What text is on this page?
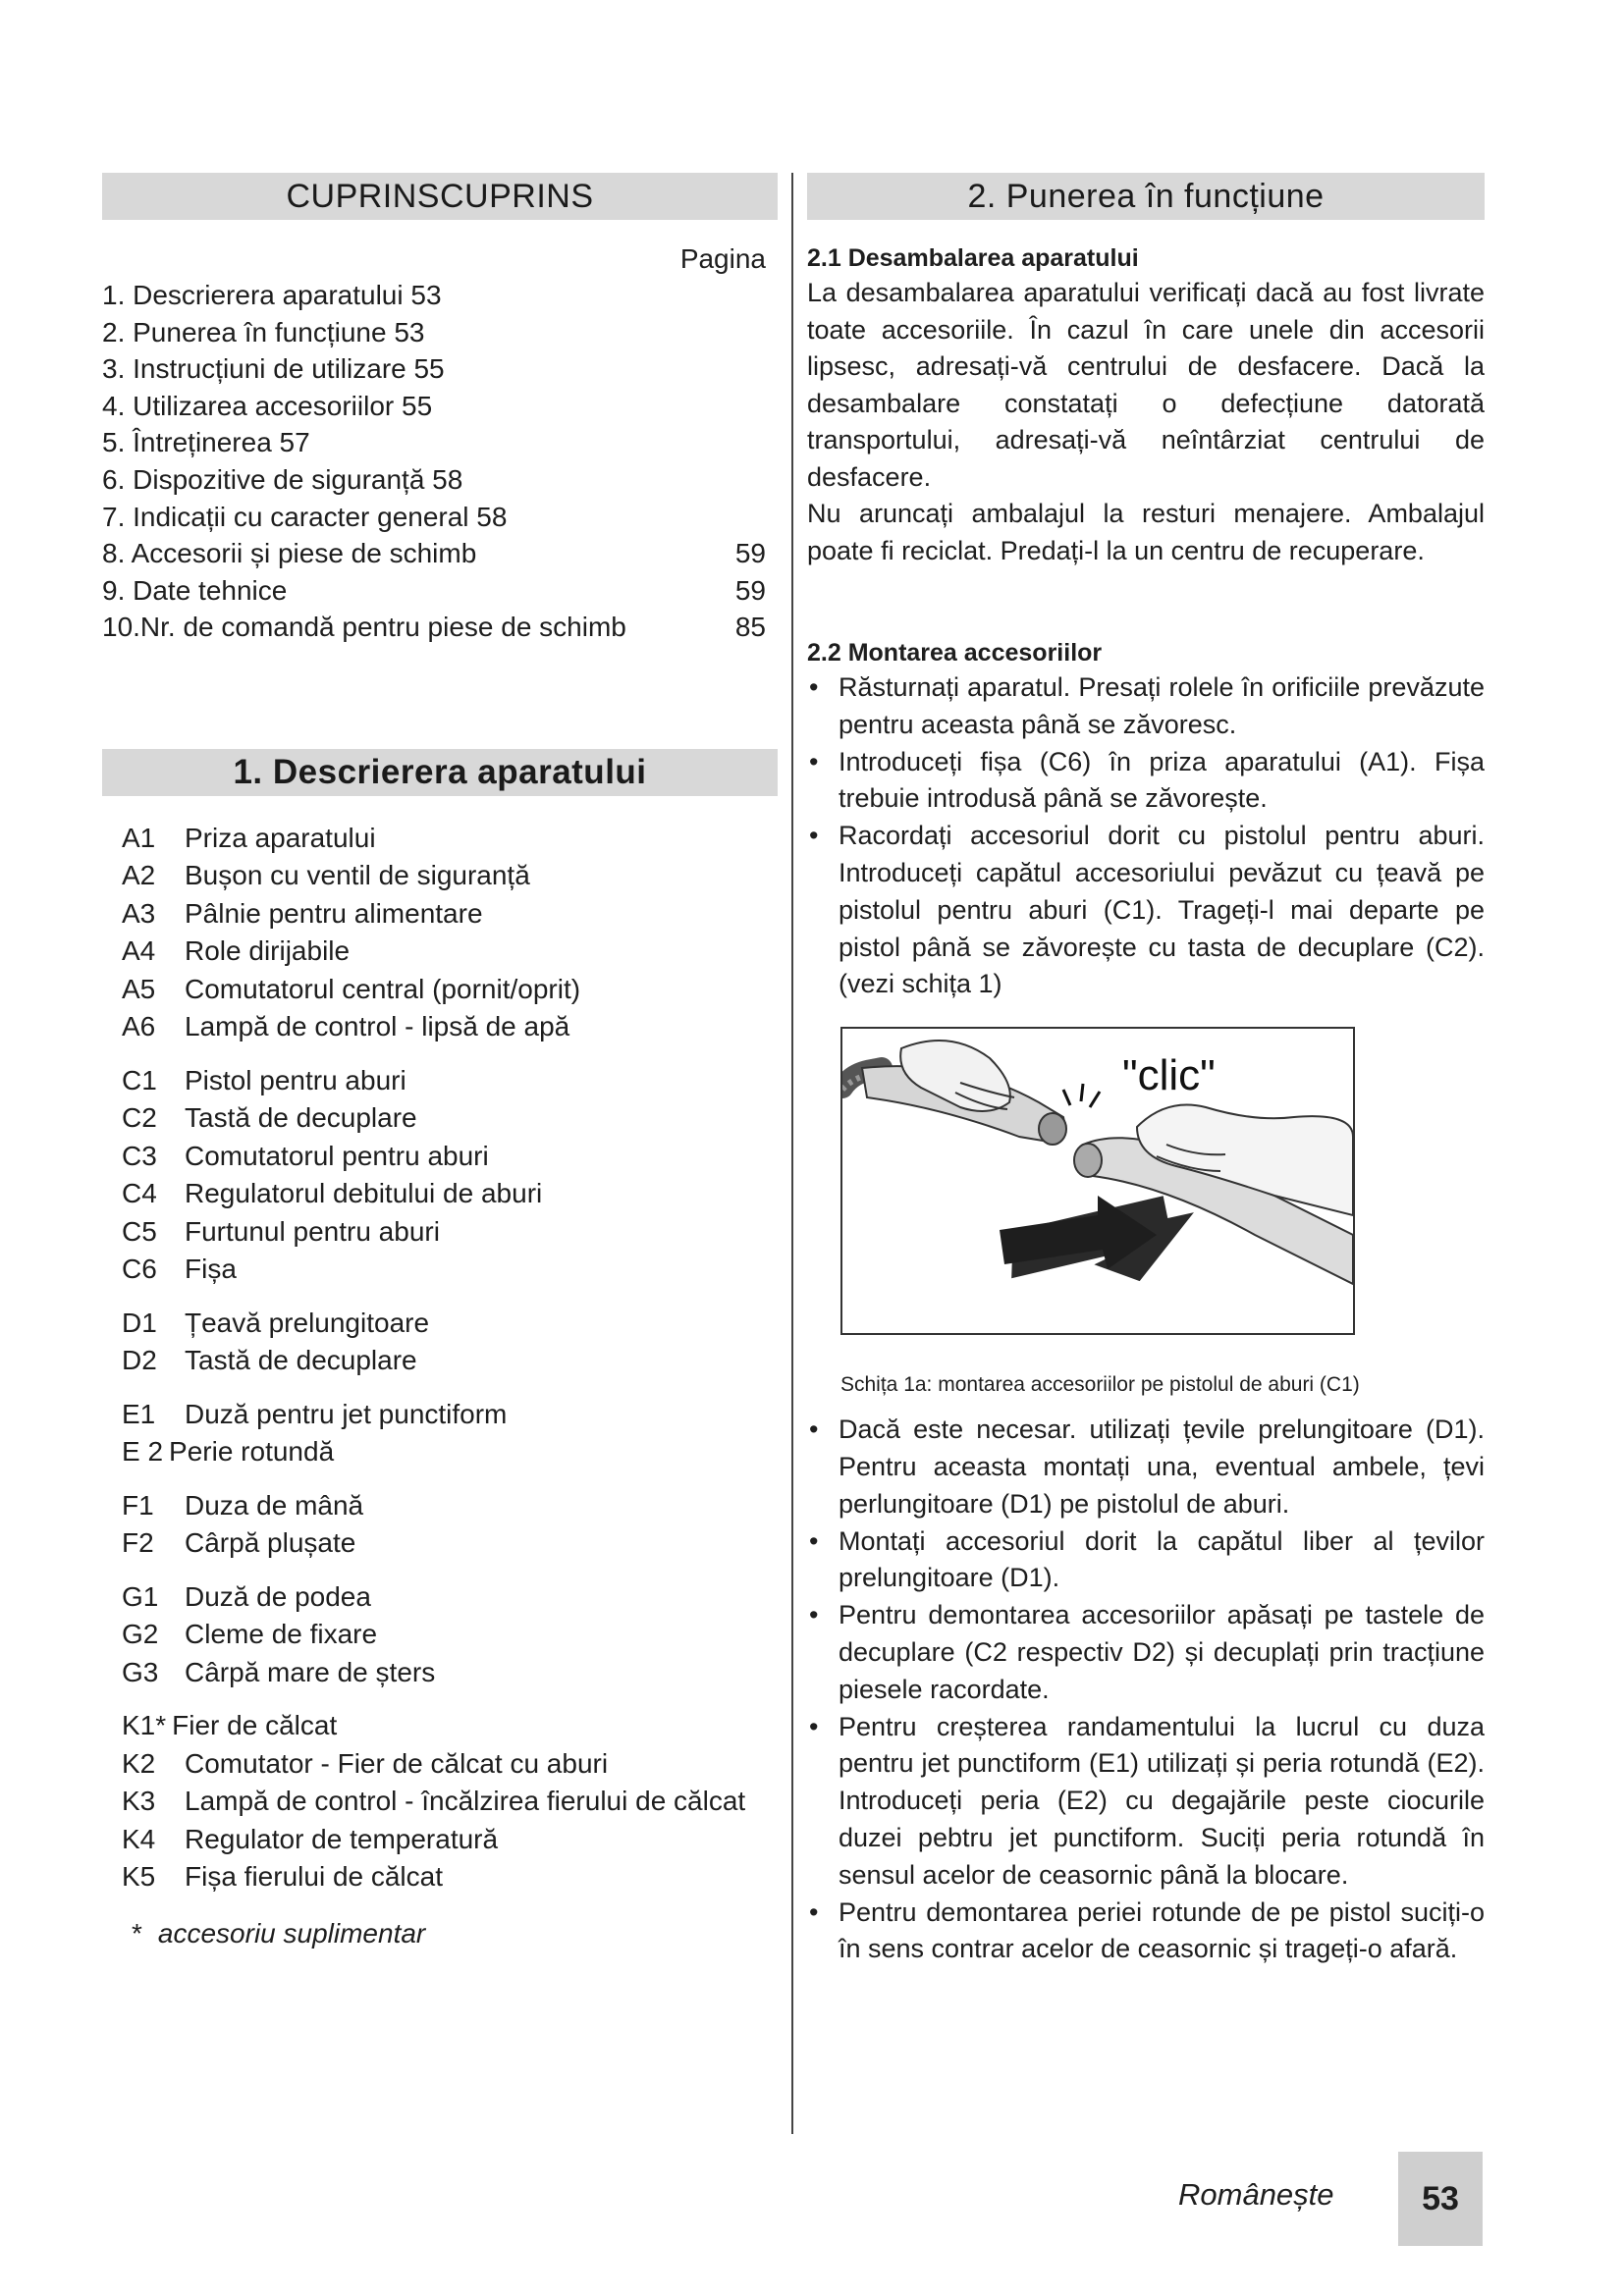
CUPRINSCUPRINS
Pagina
1. Descrierera aparatului 53
2. Punerea în funcțiune 53
3. Instrucțiuni de utilizare 55
4. Utilizarea accesoriilor 55
5. Întreținerea 57
6. Dispozitive de siguranță 58
7. Indicații cu caracter general 58
8. Accesorii și piese de schimb	59
9. Date tehnice	59
10.Nr. de comandă pentru piese de schimb	85
1. Descrierera aparatului
A1	Priza aparatului
A2	Bușon cu ventil de siguranță
A3	Pâlnie pentru alimentare
A4	Role dirijabile
A5	Comutatorul central (pornit/oprit)
A6	Lampă de control - lipsă de apă
C1	Pistol pentru aburi
C2	Tastă de decuplare
C3	Comutatorul pentru aburi
C4	Regulatorul debitului de aburi
C5	Furtunul pentru aburi
C6	Fișa
D1	Țeavă prelungitoare
D2	Tastă de decuplare
E1	Duză pentru jet punctiform
E 2 Perie rotundă
F1	Duza de mână
F2	Cârpă plușate
G1 Duză de podea
G2 Cleme de fixare
G3 Cârpă mare de șters
K1* Fier de călcat
K2	Comutator - Fier de călcat cu aburi
K3	Lampă de control - încălzirea fierului de călcat
K4	Regulator de temperatură
K5	Fișa fierului de călcat
* accesoriu suplimentar
2. Punerea în funcțiune
2.1 Desambalarea aparatului
La desambalarea aparatului verificați dacă au fost livrate toate accesoriile. În cazul în care unele din accesorii lipsesc, adresați-vă centrului de desfacere. Dacă la desambalare constatați o defecțiune datorată transportului, adresați-vă neîntârziat centrului de desfacere.
Nu aruncați ambalajul la resturi menajere. Ambalajul poate fi reciclat. Predați-l la un centru de recuperare.
2.2 Montarea accesoriilor
• Răsturnați aparatul. Presați rolele în orificiile prevăzute pentru aceasta până se zăvoresc.
• Introduceți fișa (C6) în priza aparatului (A1). Fișa trebuie introdusă până se zăvorește.
• Racordați accesoriul dorit cu pistolul pentru aburi. Introduceți capătul accesoriului pevăzut cu țeavă pe pistolul pentru aburi (C1). Trageți-l mai departe pe pistol până se zăvorește cu tasta de decuplare (C2). (vezi schița 1)
"clic"
Schița 1a: montarea accesoriilor pe pistolul de aburi (C1)
• Dacă este necesar. utilizați țevile prelungitoare (D1). Pentru aceasta montați una, eventual ambele, țevi perlungitoare (D1) pe pistolul de aburi.
• Montați accesoriul dorit la capătul liber al țevilor prelungitoare (D1).
• Pentru demontarea accesoriilor apăsați pe tastele de decuplare (C2 respectiv D2) și decuplați prin tracțiune piesele racordate.
• Pentru creșterea randamentului la lucrul cu duza pentru jet punctiform (E1) utilizați și peria rotundă (E2). Introduceți peria (E2) cu degajările peste ciocurile duzei pebtru jet punctiform. Suciți peria rotundă în sensul acelor de ceasornic până la blocare.
• Pentru demontarea periei rotunde de pe pistol suciți-o în sens contrar acelor de ceasornic și trageți-o afară.
Românește	53
